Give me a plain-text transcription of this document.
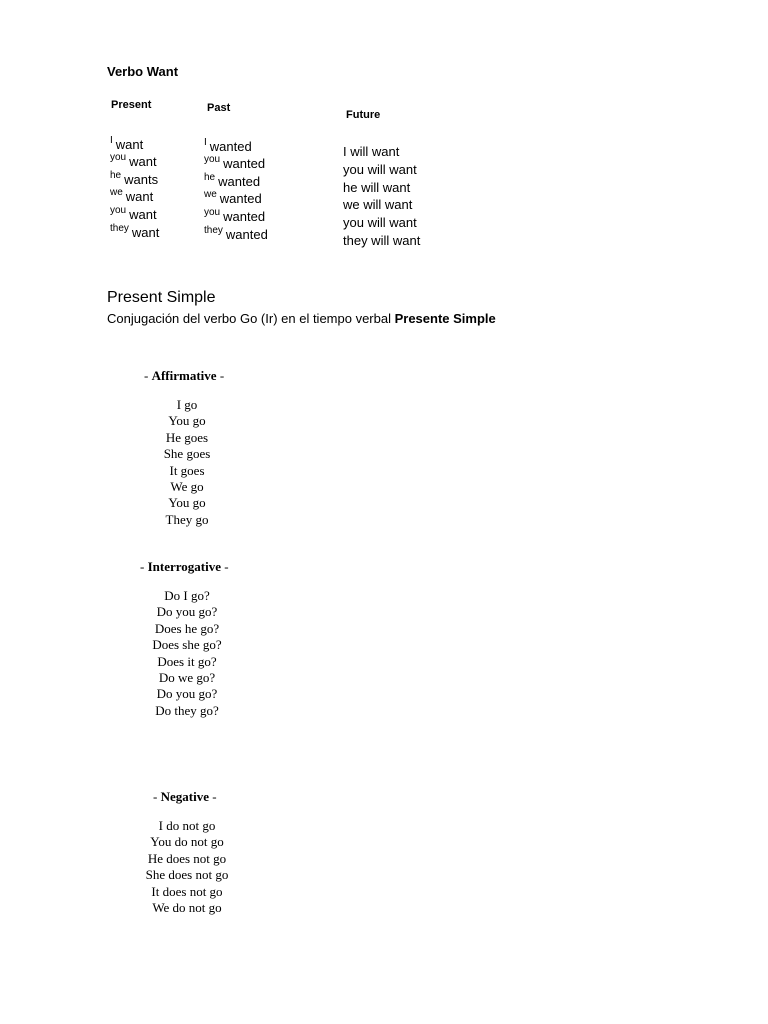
Verbo Want
Present	Past
Future
I want
you want
he wants
we want
you want
they want
I wanted
you wanted
he wanted
we wanted
you wanted
they wanted
I will want
you will want
he will want
we will want
you will want
they will want
Present Simple
Conjugación del verbo Go (Ir) en el tiempo verbal Presente Simple
- Affirmative -
I go
You go
He goes
She goes
It goes
We go
You go
They go
- Interrogative -
Do I go?
Do you go?
Does he go?
Does she go?
Does it go?
Do we go?
Do you go?
Do they go?
- Negative -
I do not go
You do not go
He does not go
She does not go
It does not go
We do not go
